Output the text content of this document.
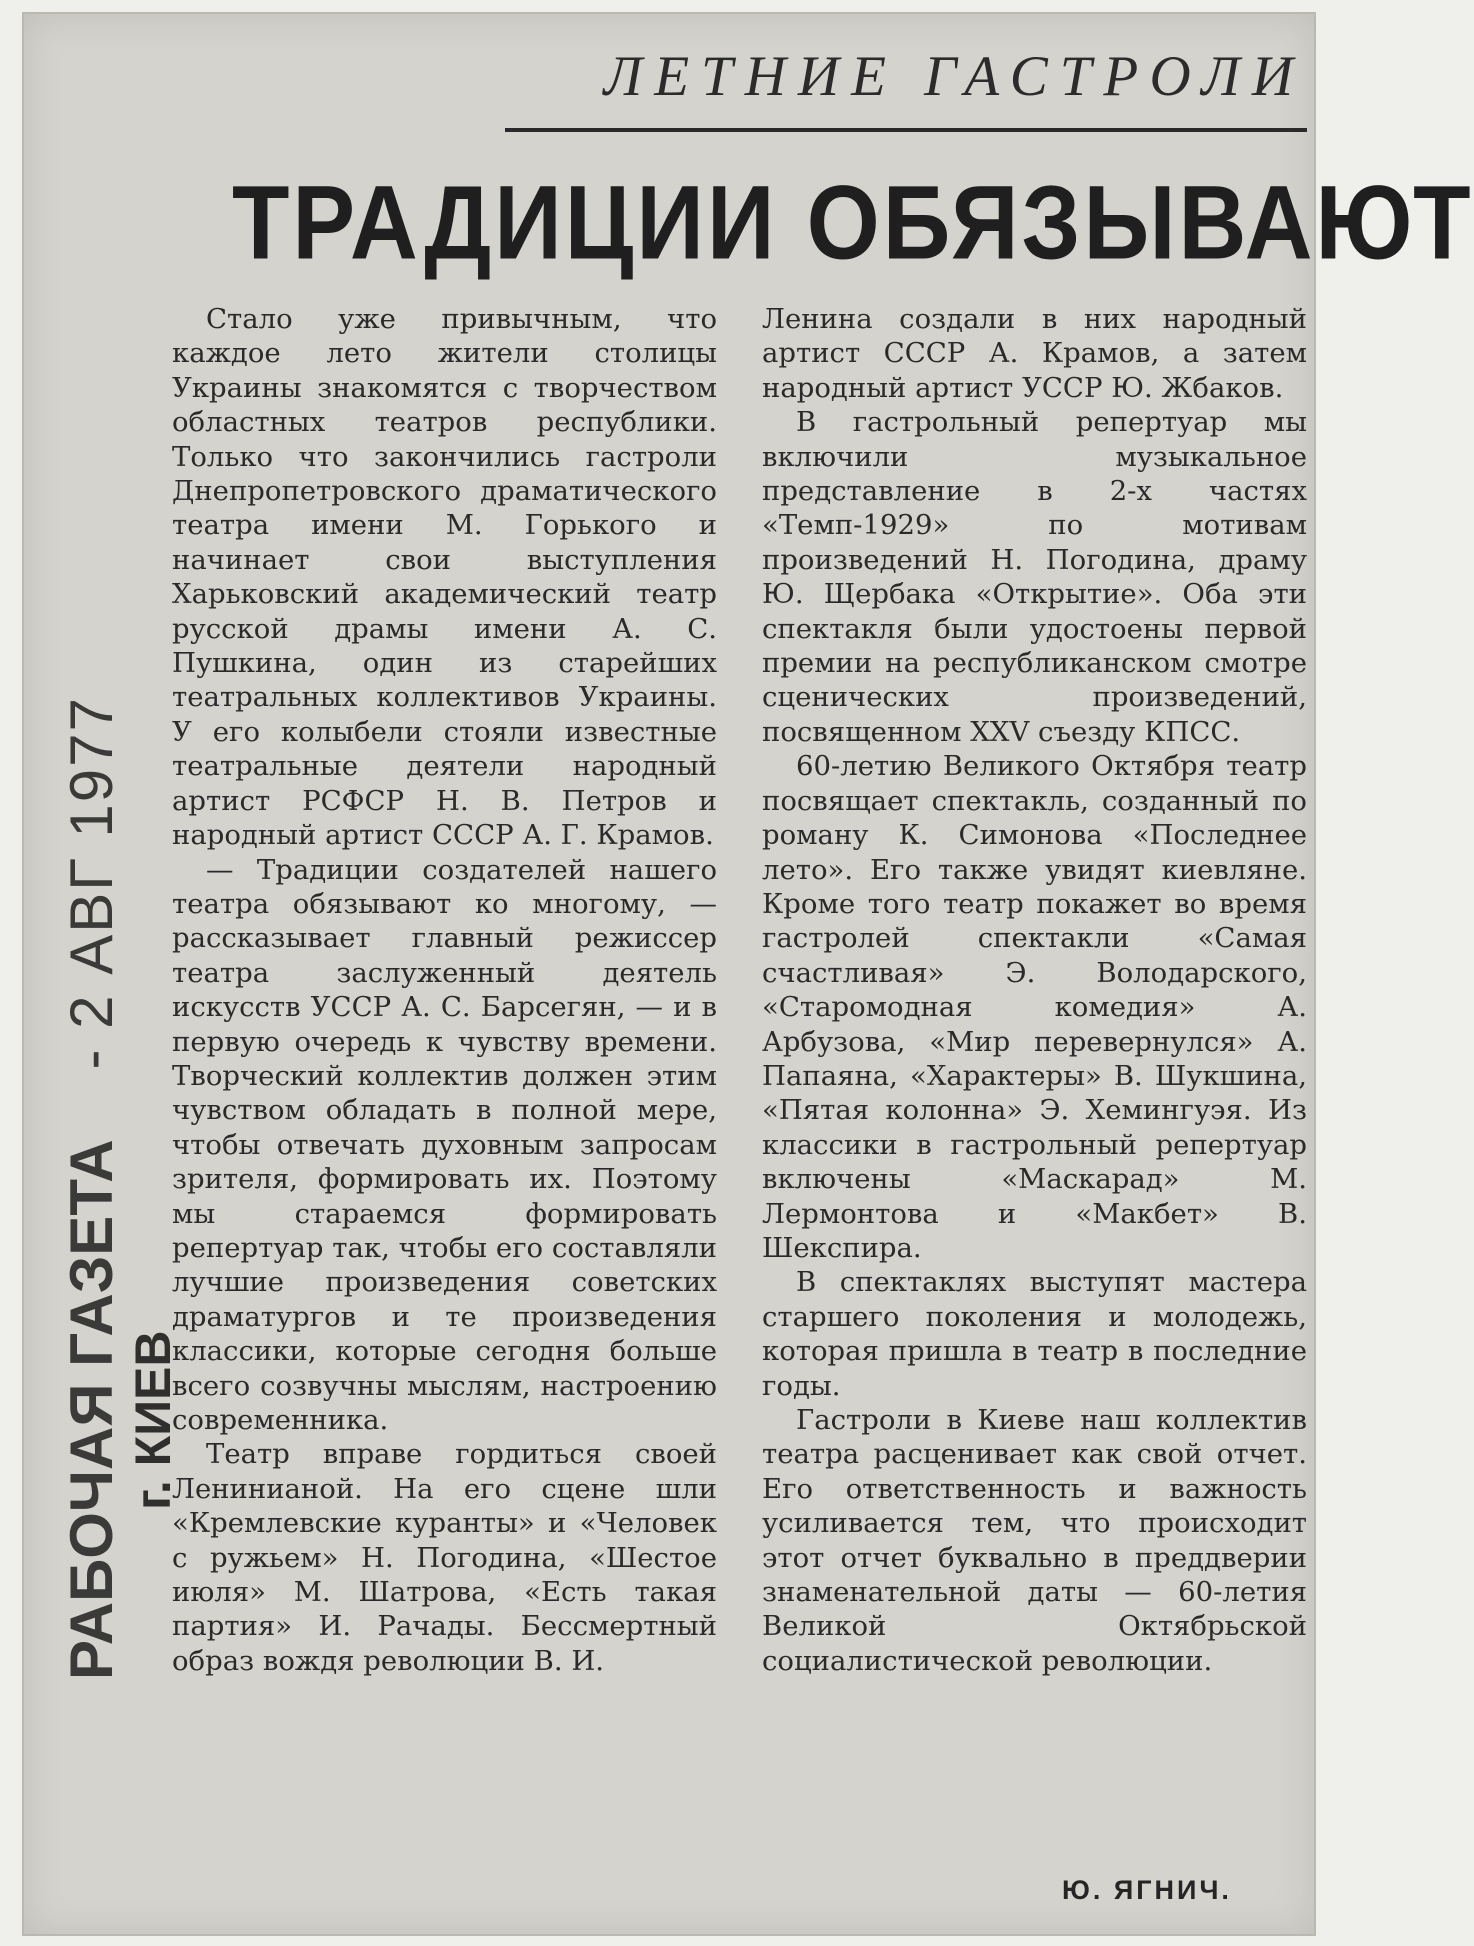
ЛЕТНИЕ ГАСТРОЛИ
ТРАДИЦИИ ОБЯЗЫВАЮТ
РАБОЧАЯ ГАЗЕТА- 2 АВГ 1977
г. КИЕВ

Стало уже привычным, что каждое лето жители столицы Украины знакомятся с творчеством областных театров республики. Только что закончились гастроли Днепропетровского драматического театра имени М. Горького и начинает свои выступления Харьковский академический театр русской драмы имени А. С. Пушкина, один из старейших театральных коллективов Украины. У его колыбели стояли известные театральные деятели народный артист РСФСР Н. В. Петров и народный артист СССР А. Г. Крамов.

— Традиции создателей нашего театра обязывают ко многому, — рассказывает главный режиссер театра заслуженный деятель искусств УССР А. С. Барсегян, — и в первую очередь к чувству времени. Творческий коллектив должен этим чувством обладать в полной мере, чтобы отвечать духовным запросам зрителя, формировать их. Поэтому мы стараемся формировать репертуар так, чтобы его составляли лучшие произведения советских драматургов и те произведения классики, которые сегодня больше всего созвучны мыслям, настроению современника.

Театр вправе гордиться своей Ленинианой. На его сцене шли «Кремлевские куранты» и «Человек с ружьем» Н. Погодина, «Шестое июля» М. Шатрова, «Есть такая партия» И. Рачады. Бессмертный образ вождя революции В. И.

Ленина создали в них народный артист СССР А. Крамов, а затем народный артист УССР Ю. Жбаков.

В гастрольный репертуар мы включили музыкальное представление в 2-х частях «Темп-1929» по мотивам произведений Н. Погодина, драму Ю. Щербака «Открытие». Оба эти спектакля были удостоены первой премии на республиканском смотре сценических произведений, посвященном XXV съезду КПСС.

60-летию Великого Октября театр посвящает спектакль, созданный по роману К. Симонова «Последнее лето». Его также увидят киевляне. Кроме того театр покажет во время гастролей спектакли «Самая счастливая» Э. Володарского, «Старомодная комедия» А. Арбузова, «Мир перевернулся» А. Папаяна, «Характеры» В. Шукшина, «Пятая колонна» Э. Хемингуэя. Из классики в гастрольный репертуар включены «Маскарад» М. Лермонтова и «Макбет» В. Шекспира.

В спектаклях выступят мастера старшего поколения и молодежь, которая пришла в театр в последние годы.

Гастроли в Киеве наш коллектив театра расценивает как свой отчет. Его ответственность и важность усиливается тем, что происходит этот отчет буквально в преддверии знаменательной даты — 60-летия Великой Октябрьской социалистической революции.

Ю. ЯГНИЧ.
